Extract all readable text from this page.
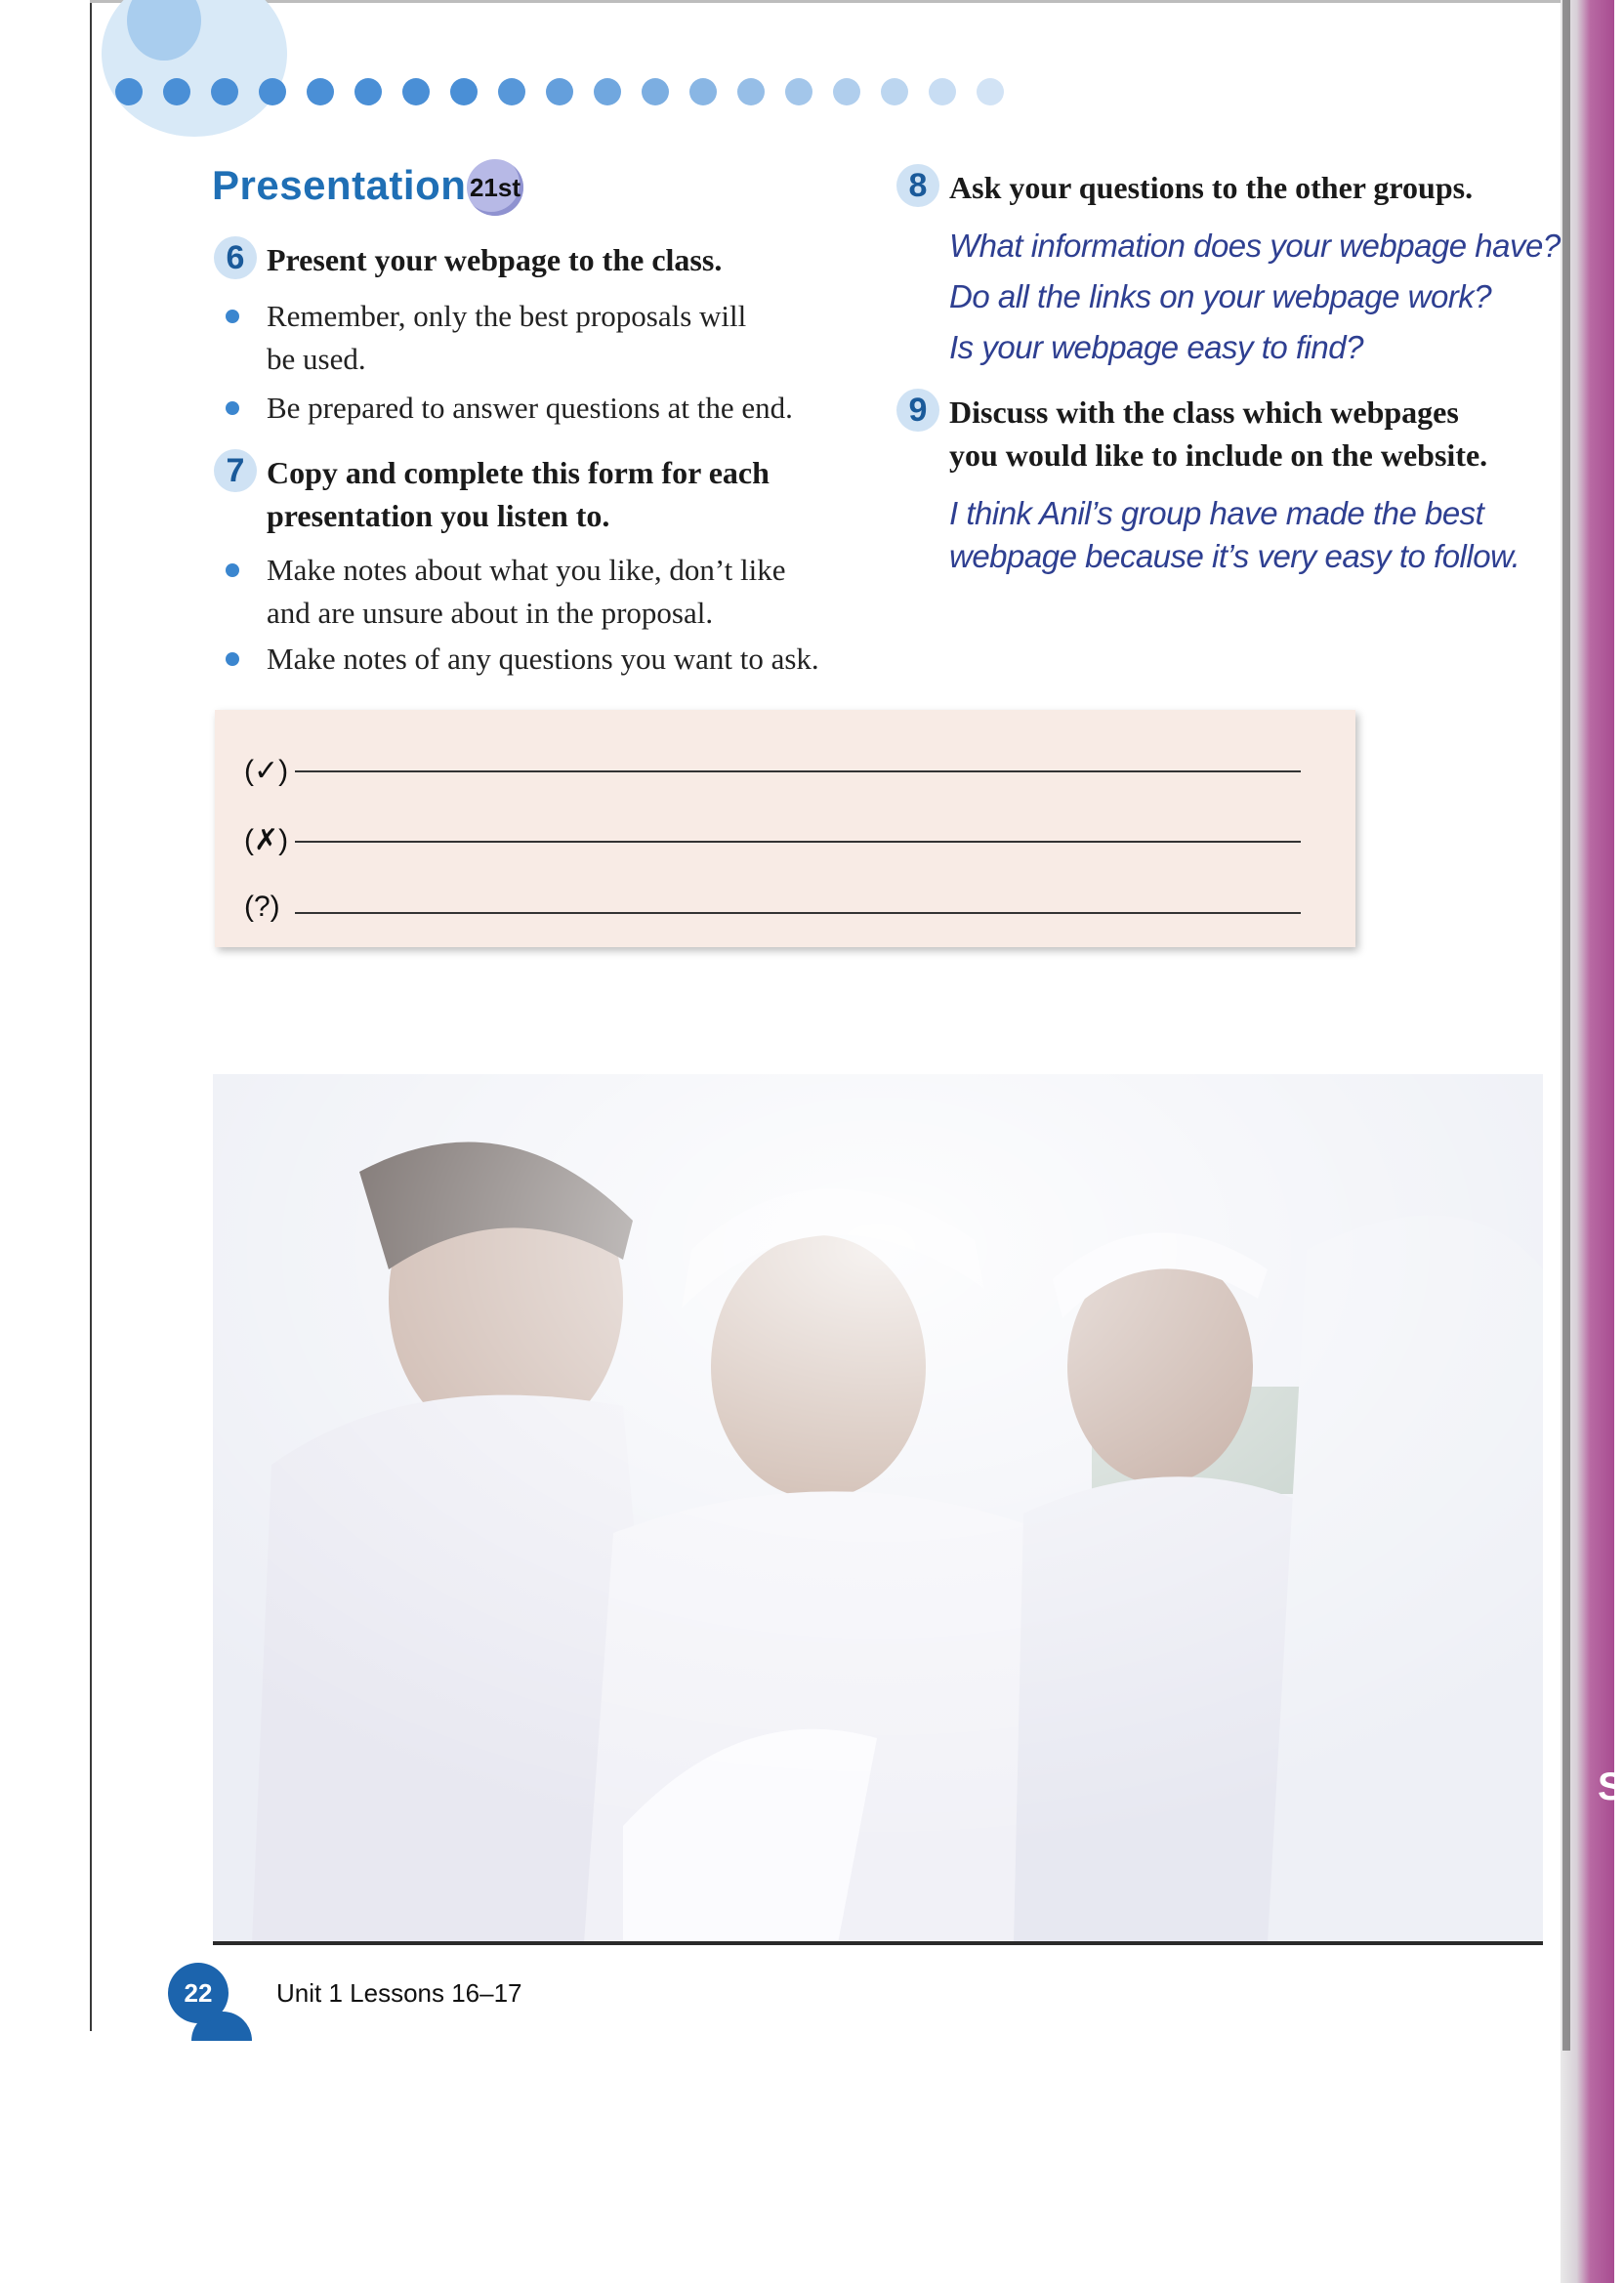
S
Presentation 21st
6 Present your webpage to the class.
Remember, only the best proposals will
be used.
Be prepared to answer questions at the end.
7 Copy and complete this form for each
presentation you listen to.
Make notes about what you like, don’t like
and are unsure about in the proposal.
Make notes of any questions you want to ask.
8 Ask your questions to the other groups.
What information does your webpage have?
Do all the links on your webpage work?
Is your webpage easy to find?
9 Discuss with the class which webpages
you would like to include on the website.
I think Anil’s group have made the best
webpage because it’s very easy to follow.
(✓)
(✗)
(?)
22	Unit 1 Lessons 16–17
